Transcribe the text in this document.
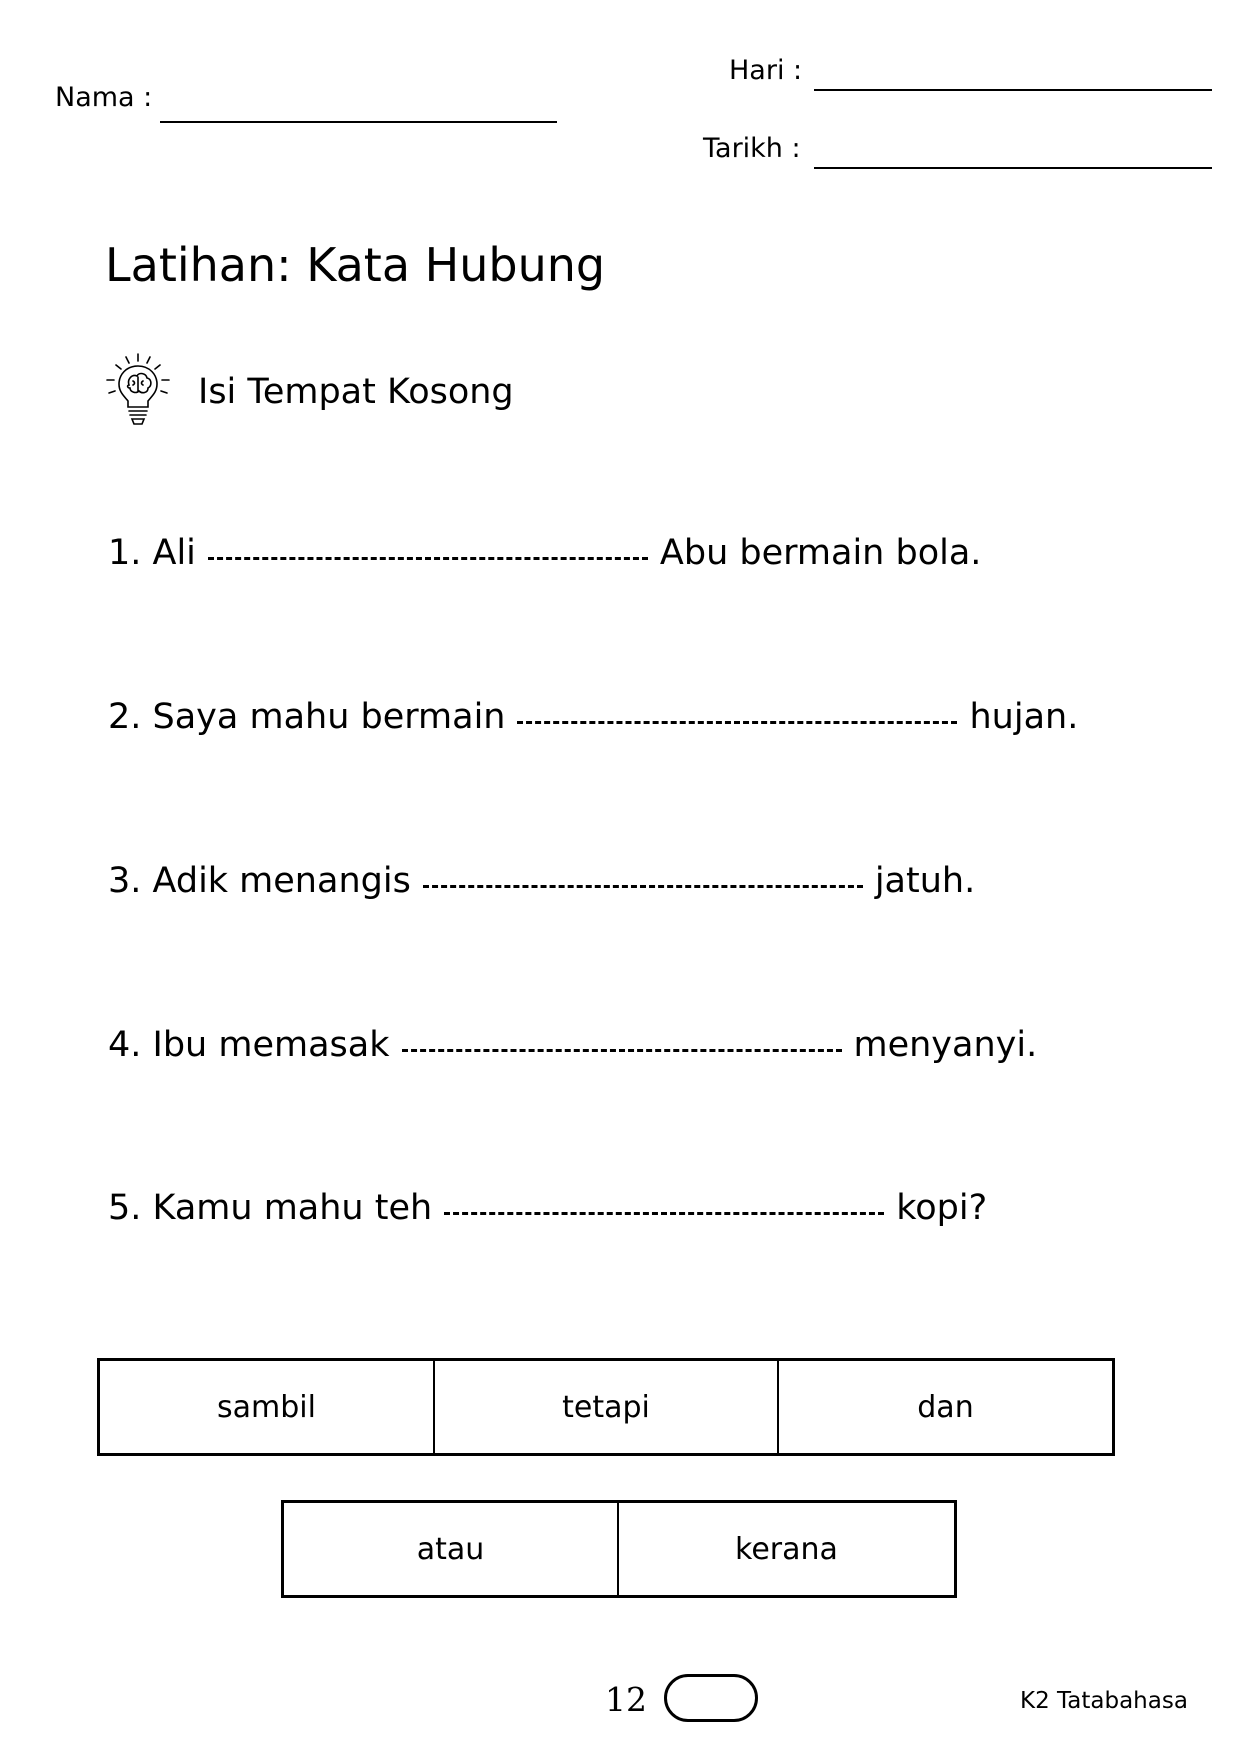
Nama :
Hari :
Tarikh :
Latihan: Kata Hubung
Isi Tempat Kosong
1. Ali	Abu bermain bola.
2. Saya mahu bermain	hujan.
3. Adik menangis	jatuh.
4. Ibu memasak	menyanyi.
5. Kamu mahu teh	kopi?
sambil	tetapi	dan
atau	kerana
12	K2 Tatabahasa
